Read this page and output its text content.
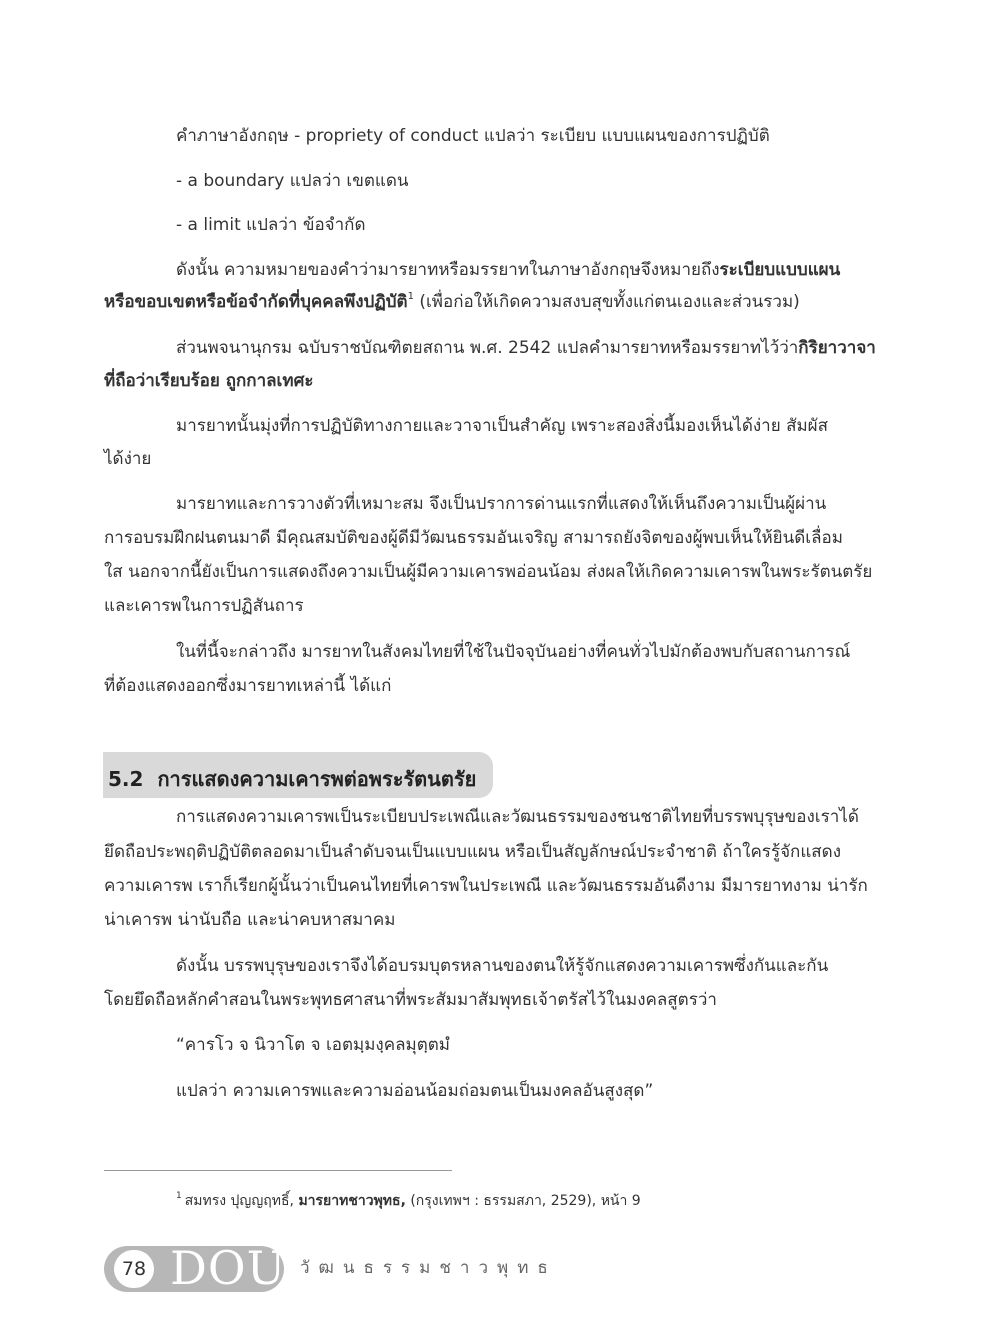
คำภาษาอังกฤษ - propriety of conduct แปลว่า ระเบียบ แบบแผนของการปฏิบัติ
- a boundary แปลว่า เขตแดน
- a limit แปลว่า ข้อจำกัด
ดังนั้น ความหมายของคำว่ามารยาทหรือมรรยาทในภาษาอังกฤษจึงหมายถึงระเบียบแบบแผน
หรือขอบเขตหรือข้อจำกัดที่บุคคลพึงปฏิบัติ$^1$ (เพื่อก่อให้เกิดความสงบสุขทั้งแก่ตนเองและส่วนรวม)
ส่วนพจนานุกรม ฉบับราชบัณฑิตยสถาน พ.ศ. 2542 แปลคำมารยาทหรือมรรยาทไว้ว่ากิริยาวาจา
ที่ถือว่าเรียบร้อย ถูกกาลเทศะ
มารยาทนั้นมุ่งที่การปฏิบัติทางกายและวาจาเป็นสำคัญ เพราะสองสิ่งนี้มองเห็นได้ง่าย สัมผัส
ได้ง่าย
มารยาทและการวางตัวที่เหมาะสม จึงเป็นปราการด่านแรกที่แสดงให้เห็นถึงความเป็นผู้ผ่าน
การอบรมฝึกฝนตนมาดี มีคุณสมบัติของผู้ดีมีวัฒนธรรมอันเจริญ สามารถยังจิตของผู้พบเห็นให้ยินดีเลื่อม
ใส นอกจากนี้ยังเป็นการแสดงถึงความเป็นผู้มีความเคารพอ่อนน้อม ส่งผลให้เกิดความเคารพในพระรัตนตรัย
และเคารพในการปฏิสันถาร
ในที่นี้จะกล่าวถึง มารยาทในสังคมไทยที่ใช้ในปัจจุบันอย่างที่คนทั่วไปมักต้องพบกับสถานการณ์
ที่ต้องแสดงออกซึ่งมารยาทเหล่านี้ ได้แก่
5.2 การแสดงความเคารพต่อพระรัตนตรัย
การแสดงความเคารพเป็นระเบียบประเพณีและวัฒนธรรมของชนชาติไทยที่บรรพบุรุษของเราได้
ยึดถือประพฤติปฏิบัติตลอดมาเป็นลำดับจนเป็นแบบแผน หรือเป็นสัญลักษณ์ประจำชาติ ถ้าใครรู้จักแสดง
ความเคารพ เราก็เรียกผู้นั้นว่าเป็นคนไทยที่เคารพในประเพณี และวัฒนธรรมอันดีงาม มีมารยาทงาม น่ารัก
น่าเคารพ น่านับถือ และน่าคบหาสมาคม
ดังนั้น บรรพบุรุษของเราจึงได้อบรมบุตรหลานของตนให้รู้จักแสดงความเคารพซึ่งกันและกัน
โดยยึดถือหลักคำสอนในพระพุทธศาสนาที่พระสัมมาสัมพุทธเจ้าตรัสไว้ในมงคลสูตรว่า
“คารโว จ นิวาโต จ เอตมฺมงฺคลมุตฺตมํ
แปลว่า ความเคารพและความอ่อนน้อมถ่อมตนเป็นมงคลอันสูงสุด”
$^1$ สมทรง ปุญญฤทธิ์, มารยาทชาวพุทธ, (กรุงเทพฯ : ธรรมสภา, 2529), หน้า 9
78 DOU วัฒนธรรมชาวพุทธ
